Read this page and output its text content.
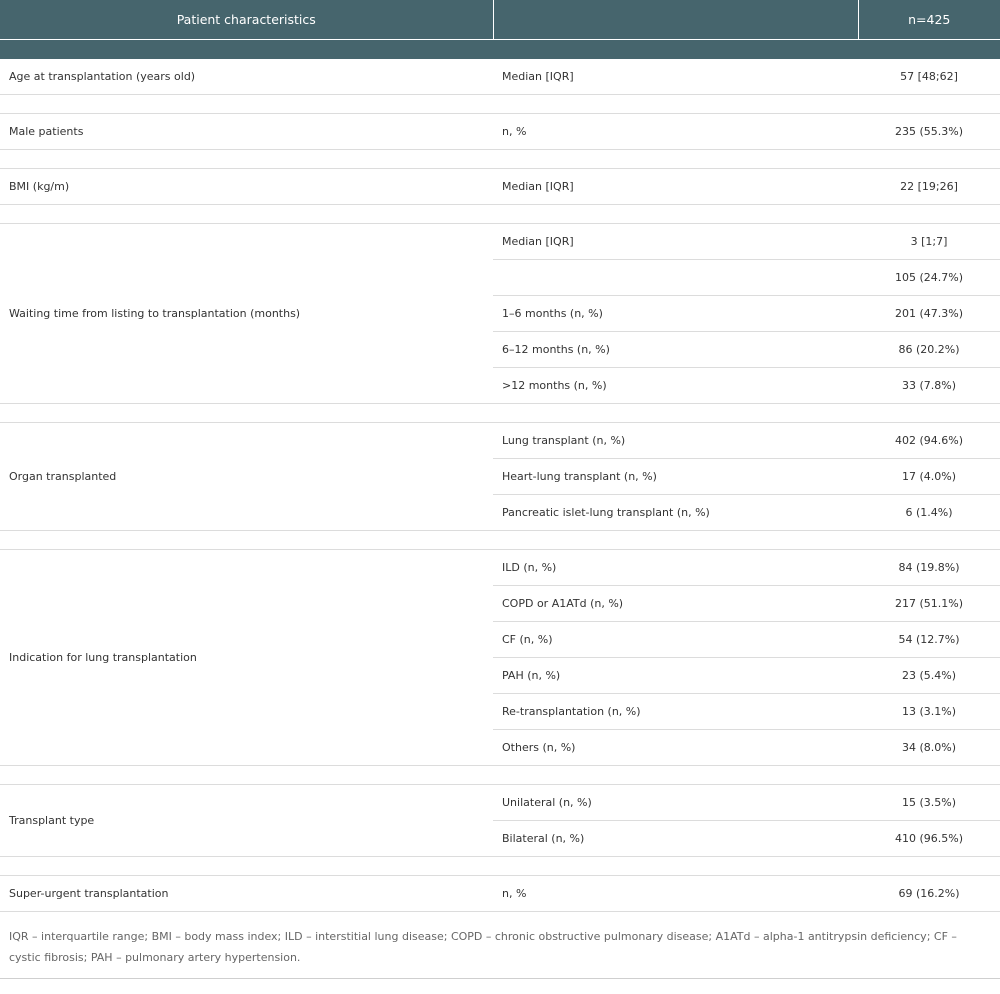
Patient characteristics		n=425

Age at transplantation (years old)	Median [IQR]	57 [48;62]

Male patients	n, %	235 (55.3%)

BMI (kg/m)	Median [IQR]	22 [19;26]

Waiting time from listing to transplantation (months)	Median [IQR]	3 [1;7]
		105 (24.7%)
	1–6 months (n, %)	201 (47.3%)
	6–12 months (n, %)	86 (20.2%)
	>12 months (n, %)	33 (7.8%)

Organ transplanted	Lung transplant (n, %)	402 (94.6%)
	Heart-lung transplant (n, %)	17 (4.0%)
	Pancreatic islet-lung transplant (n, %)	6 (1.4%)

Indication for lung transplantation	ILD (n, %)	84 (19.8%)
	COPD or A1ATd (n, %)	217 (51.1%)
	CF (n, %)	54 (12.7%)
	PAH (n, %)	23 (5.4%)
	Re-transplantation (n, %)	13 (3.1%)
	Others (n, %)	34 (8.0%)

Transplant type	Unilateral (n, %)	15 (3.5%)
	Bilateral (n, %)	410 (96.5%)

Super-urgent transplantation	n, %	69 (16.2%)
IQR – interquartile range; BMI – body mass index; ILD – interstitial lung disease; COPD – chronic obstructive pulmonary disease; A1ATd – alpha-1 antitrypsin deficiency; CF – cystic fibrosis; PAH – pulmonary artery hypertension.
